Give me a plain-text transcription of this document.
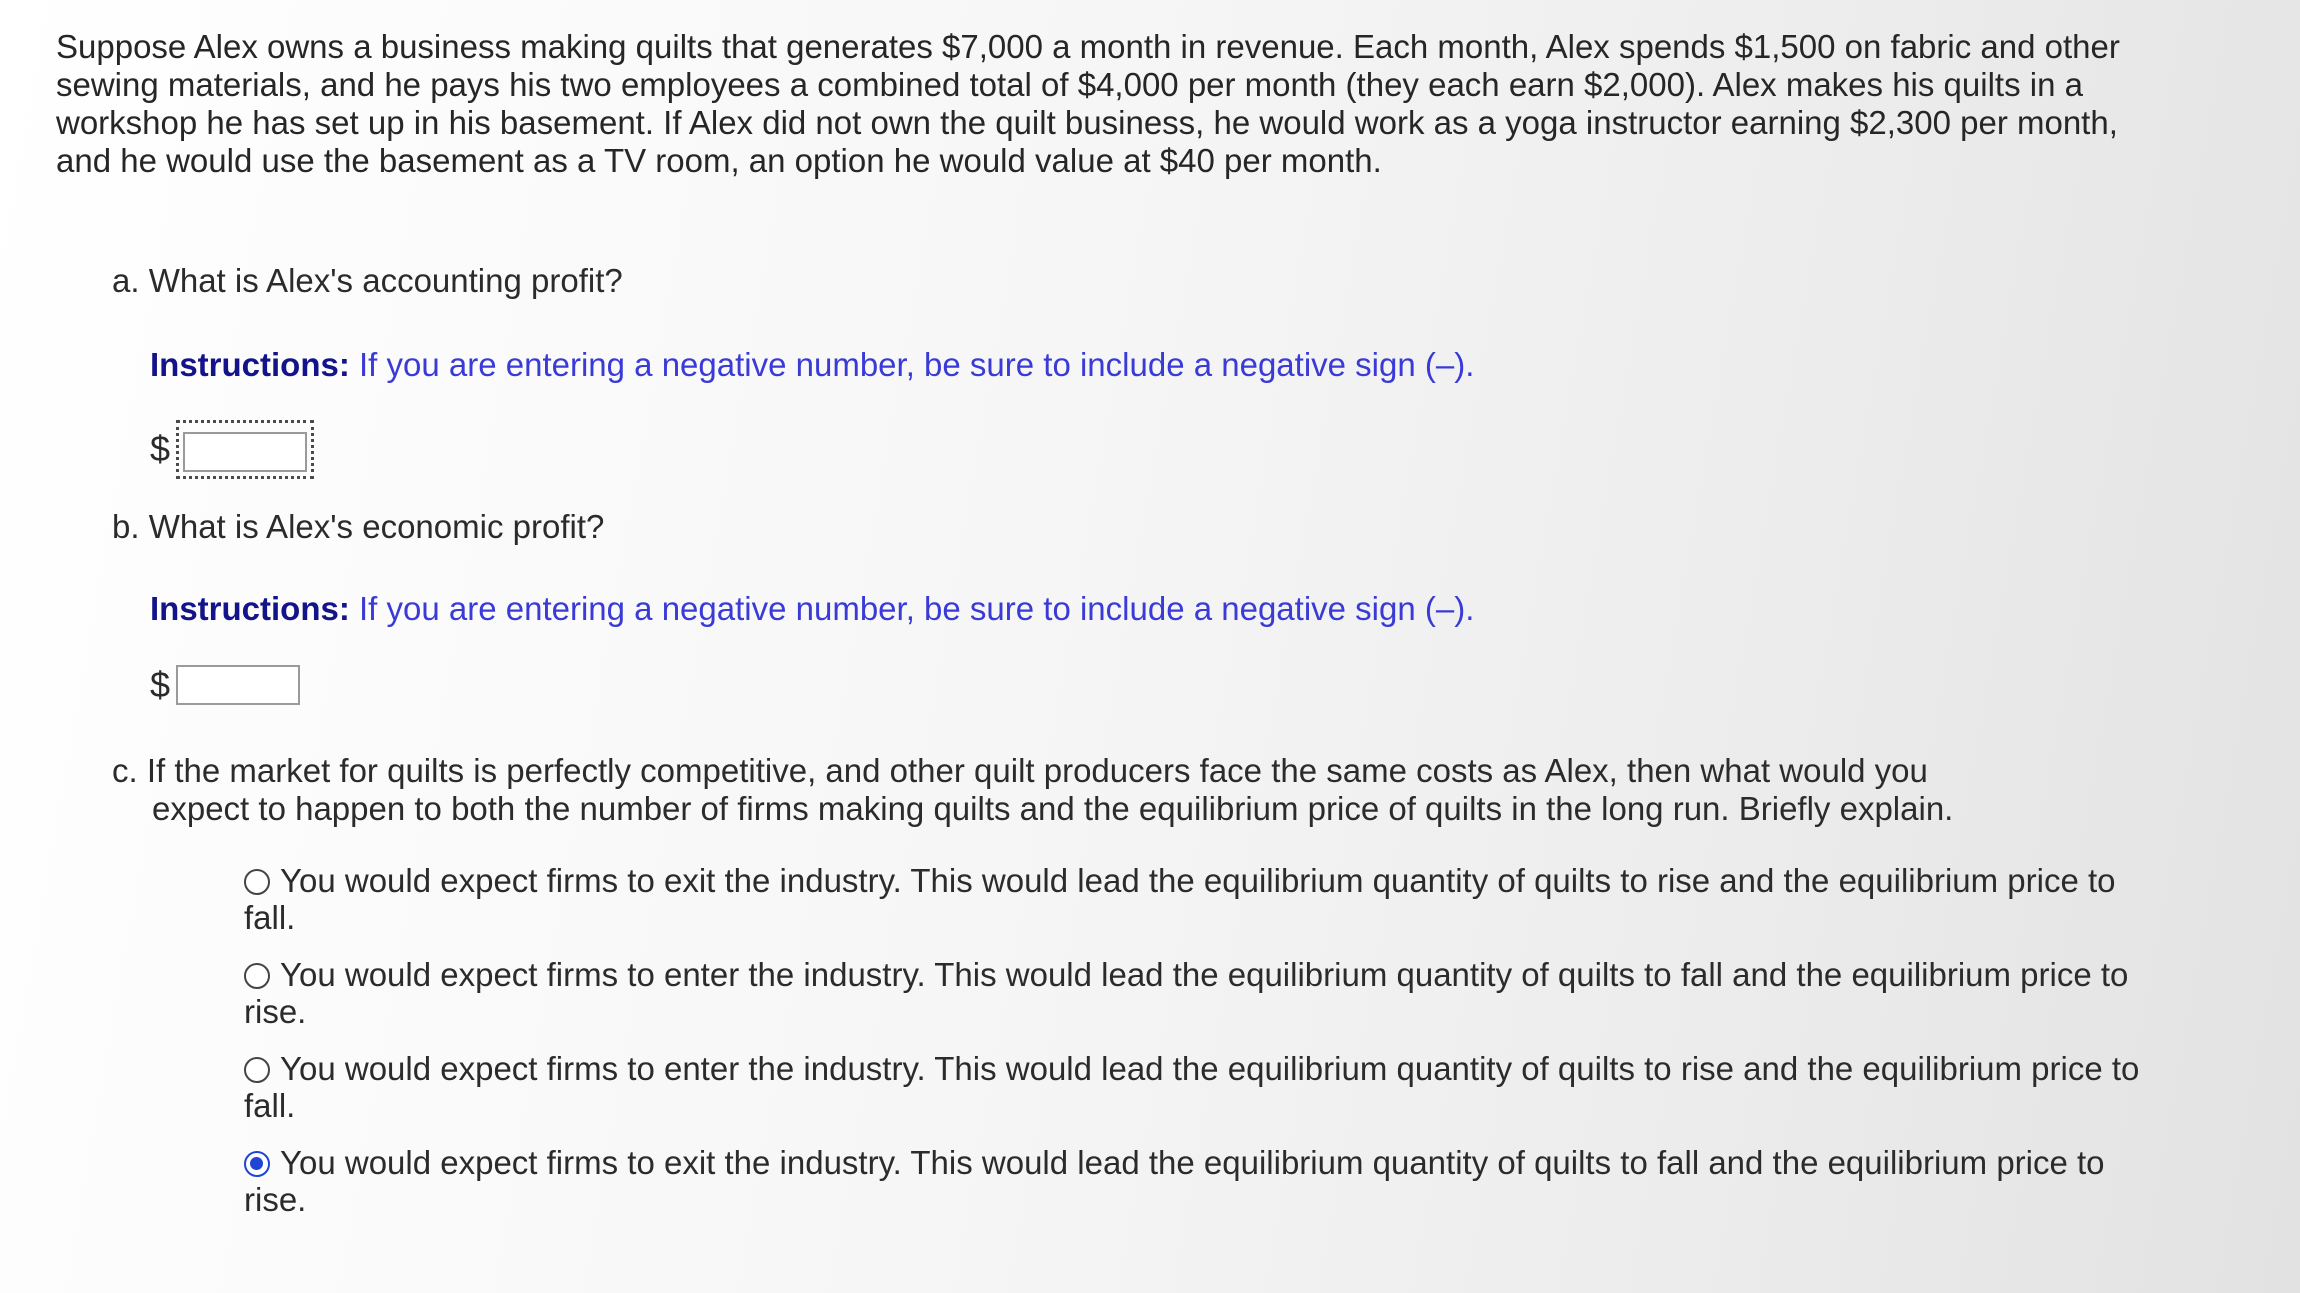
Suppose Alex owns a business making quilts that generates $7,000 a month in revenue. Each month, Alex spends $1,500 on fabric and other sewing materials, and he pays his two employees a combined total of $4,000 per month (they each earn $2,000). Alex makes his quilts in a workshop he has set up in his basement. If Alex did not own the quilt business, he would work as a yoga instructor earning $2,300 per month, and he would use the basement as a TV room, an option he would value at $40 per month.
a. What is Alex's accounting profit?
Instructions: If you are entering a negative number, be sure to include a negative sign (–).
$
b. What is Alex's economic profit?
Instructions: If you are entering a negative number, be sure to include a negative sign (–).
$
c. If the market for quilts is perfectly competitive, and other quilt producers face the same costs as Alex, then what would you
expect to happen to both the number of firms making quilts and the equilibrium price of quilts in the long run. Briefly explain.
You would expect firms to exit the industry. This would lead the equilibrium quantity of quilts to rise and the equilibrium price to fall.
You would expect firms to enter the industry. This would lead the equilibrium quantity of quilts to fall and the equilibrium price to rise.
You would expect firms to enter the industry. This would lead the equilibrium quantity of quilts to rise and the equilibrium price to fall.
You would expect firms to exit the industry. This would lead the equilibrium quantity of quilts to fall and the equilibrium price to rise.
